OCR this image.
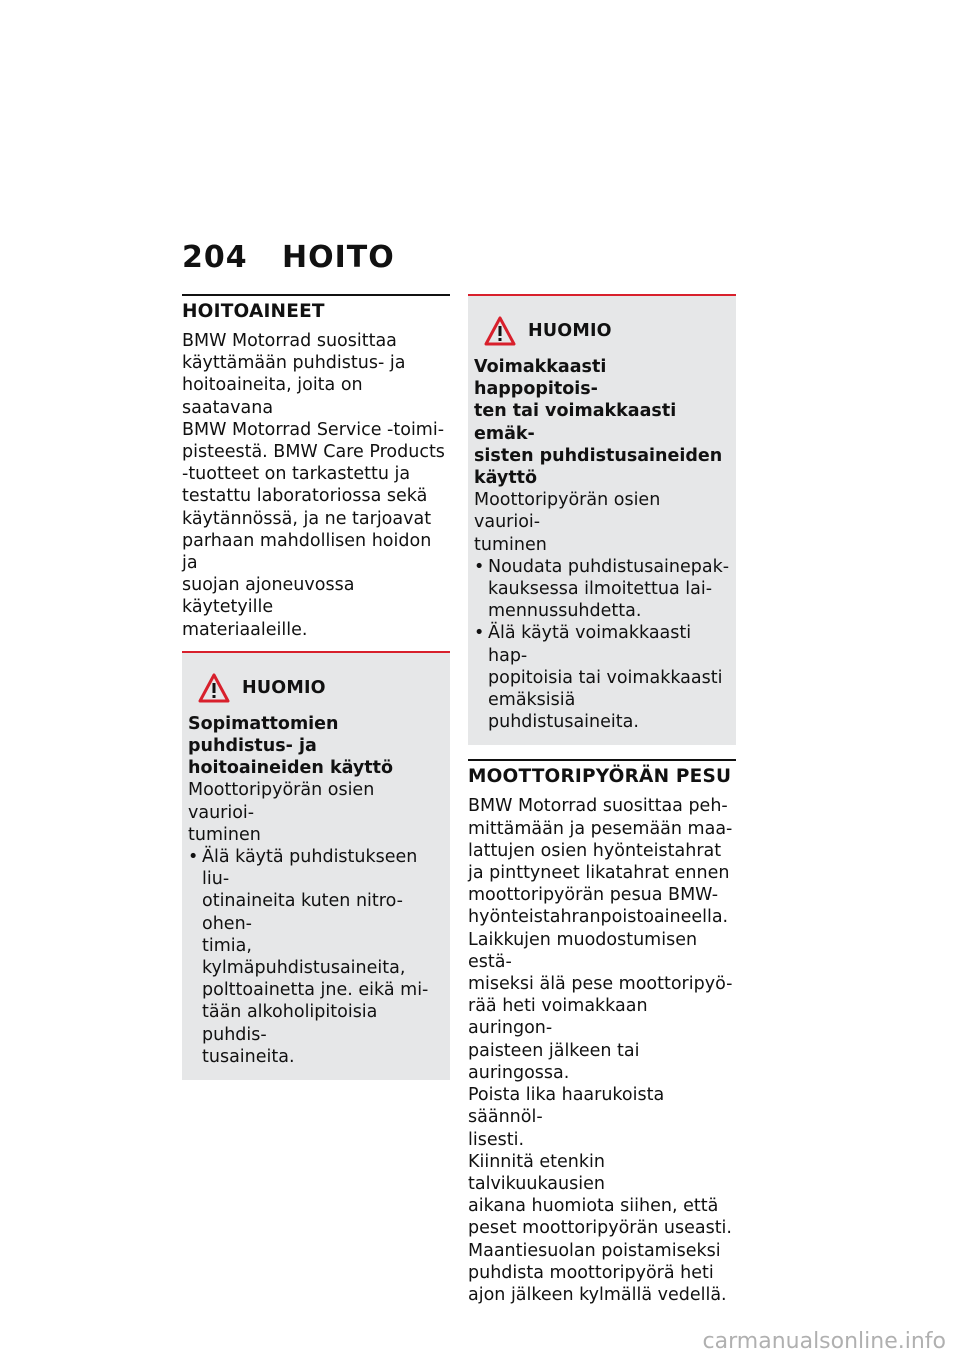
204 HOITO
HOITOAINEET

BMW Motorrad suosittaa
käyttämään puhdistus- ja
hoitoaineita, joita on saatavana
BMW Motorrad Service -toimi-
pisteestä. BMW Care Products
-tuotteet on tarkastettu ja
testattu laboratoriossa sekä
käytännössä, ja ne tarjoavat
parhaan mahdollisen hoidon ja
suojan ajoneuvossa käytetyille
materiaaleille.

HUOMIO

Sopimattomien puhdistus- ja
hoitoaineiden käyttö

Moottoripyörän osien vaurioi-
tuminen

• Älä käytä puhdistukseen liu-
otinaineita kuten nitro-ohen-
timia, kylmäpuhdistusaineita,
polttoainetta jne. eikä mi-
tään alkoholipitoisia puhdis-
tusaineita.
HUOMIO

Voimakkaasti happopitois-
ten tai voimakkaasti emäk-
sisten puhdistusaineiden
käyttö

Moottoripyörän osien vaurioi-
tuminen

• Noudata puhdistusainepak-
kauksessa ilmoitettua lai-
mennussuhdetta.
• Älä käytä voimakkaasti hap-
popitoisia tai voimakkaasti
emäksisiä puhdistusaineita.
MOOTTORIPYÖRÄN PESU

BMW Motorrad suosittaa peh-
mittämään ja pesemään maa-
lattujen osien hyönteistahrat
ja pinttyneet likatahrat ennen
moottoripyörän pesua BMW-
hyönteistahranpoistoaineella.
Laikkujen muodostumisen estä-
miseksi älä pese moottoripyö-
rää heti voimakkaan auringon-
paisteen jälkeen tai auringossa.
Poista lika haarukoista säännöl-
lisesti.
Kiinnitä etenkin talvikuukausien
aikana huomiota siihen, että
peset moottoripyörän useasti.
Maantiesuolan poistamiseksi
puhdista moottoripyörä heti
ajon jälkeen kylmällä vedellä.

carmanualsonline.info
